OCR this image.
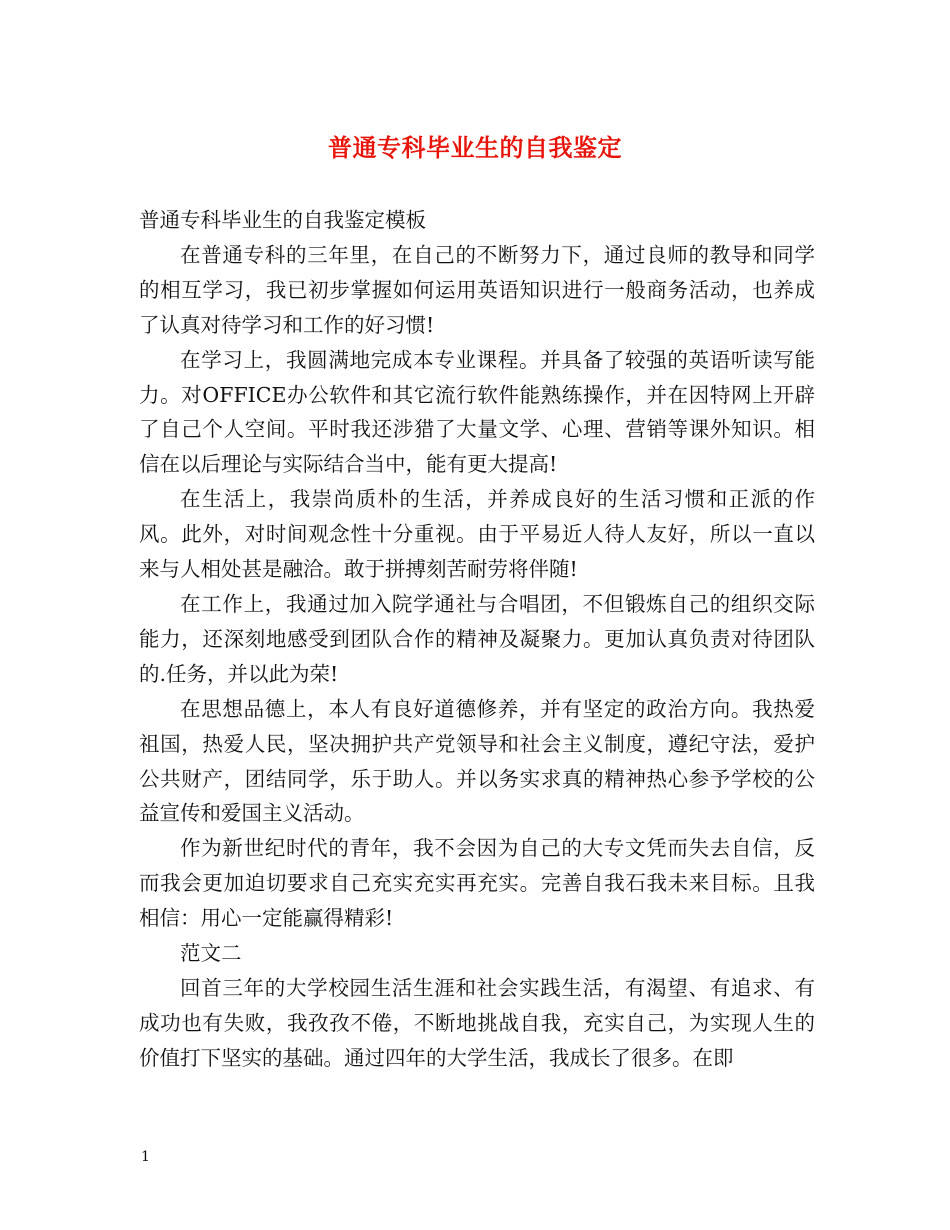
普通专科毕业生的自我鉴定

普通专科毕业生的自我鉴定模板

在普通专科的三年里，在自己的不断努力下，通过良师的教导和同学的相互学习，我已初步掌握如何运用英语知识进行一般商务活动，也养成了认真对待学习和工作的好习惯!

在学习上，我圆满地完成本专业课程。并具备了较强的英语听读写能力。对OFFICE办公软件和其它流行软件能熟练操作，并在因特网上开辟了自己个人空间。平时我还涉猎了大量文学、心理、营销等课外知识。相信在以后理论与实际结合当中，能有更大提高!

在生活上，我崇尚质朴的生活，并养成良好的生活习惯和正派的作风。此外，对时间观念性十分重视。由于平易近人待人友好，所以一直以来与人相处甚是融洽。敢于拼搏刻苦耐劳将伴随!

在工作上，我通过加入院学通社与合唱团，不但锻炼自己的组织交际能力，还深刻地感受到团队合作的精神及凝聚力。更加认真负责对待团队的.任务，并以此为荣!

在思想品德上，本人有良好道德修养，并有坚定的政治方向。我热爱祖国，热爱人民，坚决拥护共产党领导和社会主义制度，遵纪守法，爱护公共财产，团结同学，乐于助人。并以务实求真的精神热心参予学校的公益宣传和爱国主义活动。

作为新世纪时代的青年，我不会因为自己的大专文凭而失去自信，反而我会更加迫切要求自己充实充实再充实。完善自我石我未来目标。且我相信：用心一定能赢得精彩!

范文二

回首三年的大学校园生活生涯和社会实践生活，有渴望、有追求、有成功也有失败，我孜孜不倦，不断地挑战自我，充实自己，为实现人生的价值打下坚实的基础。通过四年的大学生活，我成长了很多。在即

1
